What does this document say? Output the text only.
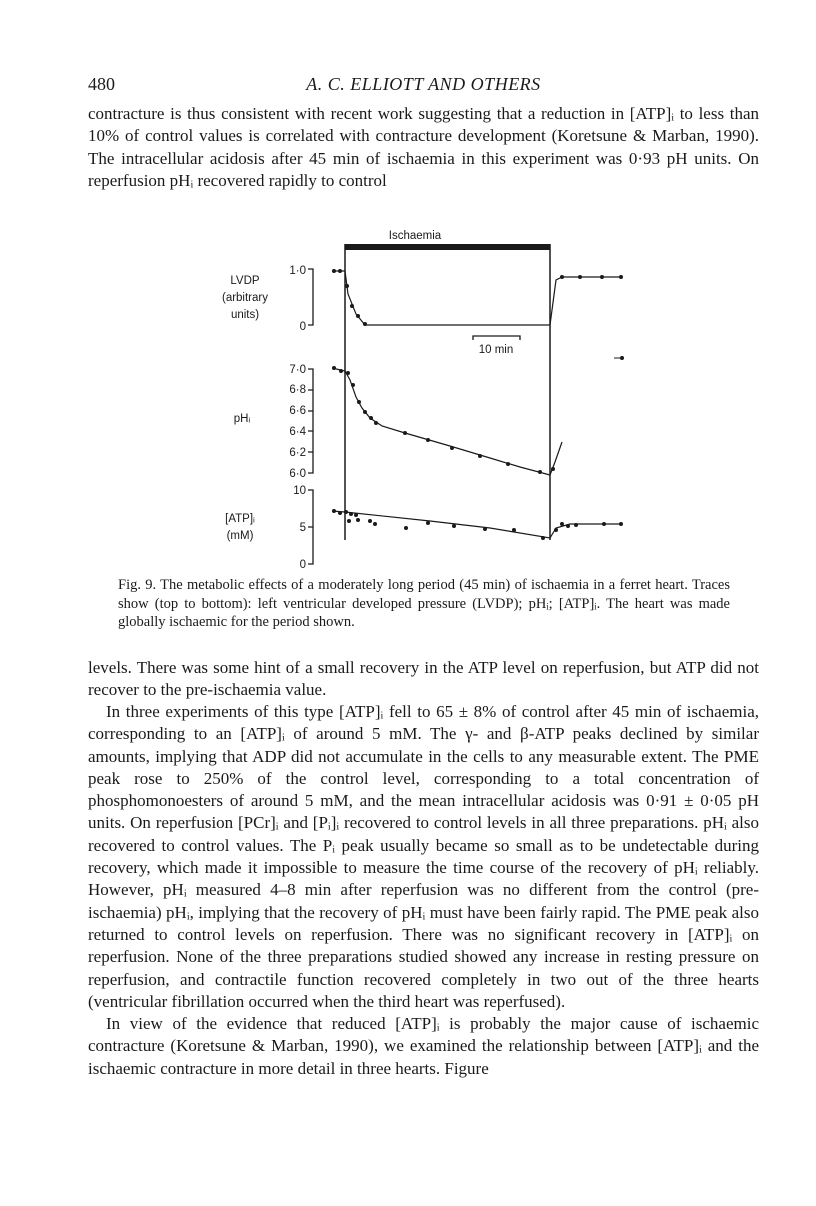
480	A. C. ELLIOTT AND OTHERS

contracture is thus consistent with recent work suggesting that a reduction in [ATP]ᵢ to less than 10% of control values is correlated with contracture development (Koretsune & Marban, 1990). The intracellular acidosis after 45 min of ischaemia in this experiment was 0·93 pH units. On reperfusion pHᵢ recovered rapidly to control

Ischaemia
LVDP
(arbitrary
units)
1·0
0
10 min
pHᵢ
7·0
6·8
6·6
6·4
6·2
6·0
[ATP]ᵢ
(mM)
10
5
0

Fig. 9. The metabolic effects of a moderately long period (45 min) of ischaemia in a ferret heart. Traces show (top to bottom): left ventricular developed pressure (LVDP); pHᵢ; [ATP]ᵢ. The heart was made globally ischaemic for the period shown.

levels. There was some hint of a small recovery in the ATP level on reperfusion, but ATP did not recover to the pre-ischaemia value.

In three experiments of this type [ATP]ᵢ fell to 65 ± 8% of control after 45 min of ischaemia, corresponding to an [ATP]ᵢ of around 5 mM. The γ- and β-ATP peaks declined by similar amounts, implying that ADP did not accumulate in the cells to any measurable extent. The PME peak rose to 250% of the control level, corresponding to a total concentration of phosphomonoesters of around 5 mM, and the mean intracellular acidosis was 0·91 ± 0·05 pH units. On reperfusion [PCr]ᵢ and [Pᵢ]ᵢ recovered to control levels in all three preparations. pHᵢ also recovered to control values. The Pᵢ peak usually became so small as to be undetectable during recovery, which made it impossible to measure the time course of the recovery of pHᵢ reliably. However, pHᵢ measured 4–8 min after reperfusion was no different from the control (pre-ischaemia) pHᵢ, implying that the recovery of pHᵢ must have been fairly rapid. The PME peak also returned to control levels on reperfusion. There was no significant recovery in [ATP]ᵢ on reperfusion. None of the three preparations studied showed any increase in resting pressure on reperfusion, and contractile function recovered completely in two out of the three hearts (ventricular fibrillation occurred when the third heart was reperfused).

In view of the evidence that reduced [ATP]ᵢ is probably the major cause of ischaemic contracture (Koretsune & Marban, 1990), we examined the relationship between [ATP]ᵢ and the ischaemic contracture in more detail in three hearts. Figure
